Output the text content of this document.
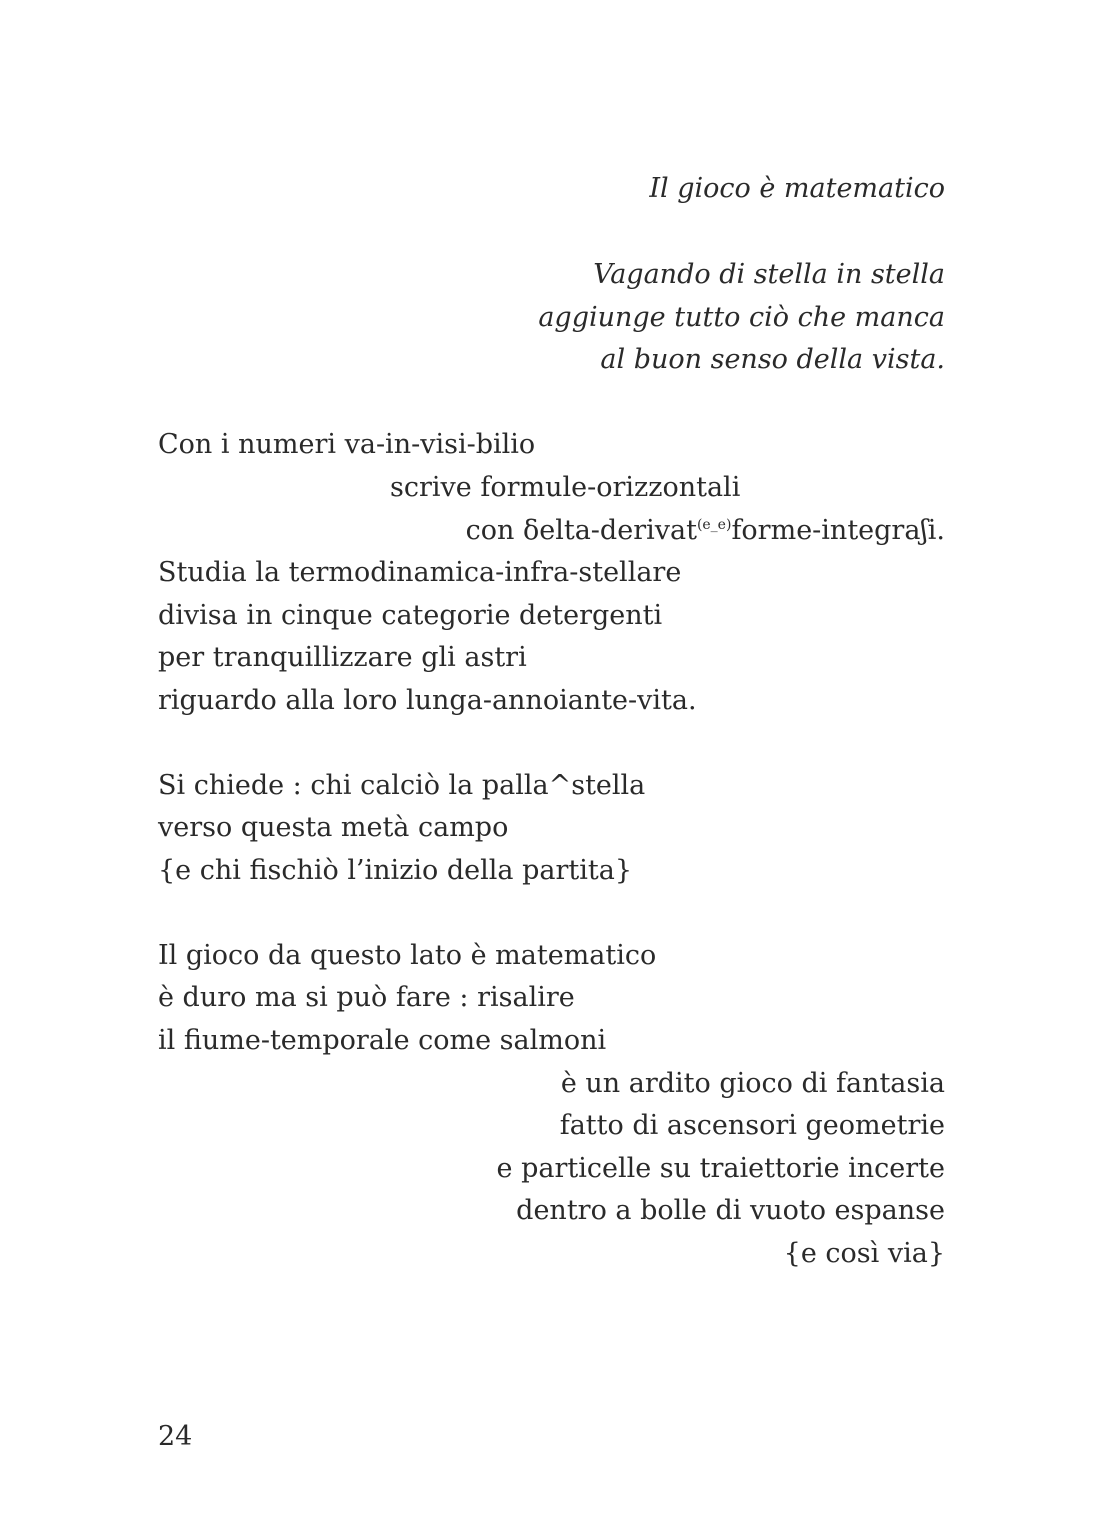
Il gioco è matematico
Vagando di stella in stella
aggiunge tutto ciò che manca
al buon senso della vista.
Con i numeri va-in-visi-bilio
scrive formule-orizzontali
con δelta-derivat$^{(e\_e)}$forme-integraʃi.
Studia la termodinamica-infra-stellare
divisa in cinque categorie detergenti
per tranquillizzare gli astri
riguardo alla loro lunga-annoiante-vita.
Si chiede : chi calciò la palla^stella
verso questa metà campo
{e chi fischiò l’inizio della partita}
Il gioco da questo lato è matematico
è duro ma si può fare : risalire
il fiume-temporale come salmoni
è un ardito gioco di fantasia
fatto di ascensori geometrie
e particelle su traiettorie incerte
dentro a bolle di vuoto espanse
{e così via}
24
